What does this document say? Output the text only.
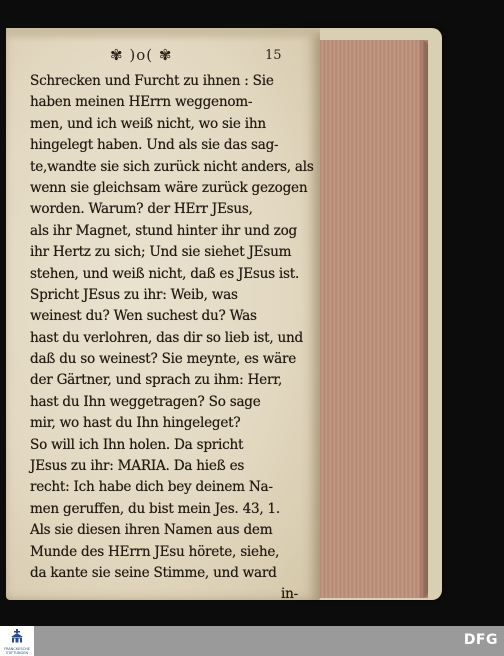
✾ )o( ✾	15
Schrecken und Furcht zu ihnen : Sie
haben meinen HErrn weggenom-
men, und ich weiß nicht, wo sie ihn
hingelegt haben. Und als sie das sag-
te,wandte sie sich zurück nicht anders, als
wenn sie gleichsam wäre zurück gezogen
worden. Warum? der HErr JEsus,
als ihr Magnet, stund hinter ihr und zog
ihr Hertz zu sich; Und sie siehet JEsum
stehen, und weiß nicht, daß es JEsus ist.
Spricht JEsus zu ihr: Weib, was
weinest du? Wen suchest du? Was
hast du verlohren, das dir so lieb ist, und
daß du so weinest? Sie meynte, es wäre
der Gärtner, und sprach zu ihm: Herr,
hast du Ihn weggetragen? So sage
mir, wo hast du Ihn hingeleget?
So will ich Ihn holen. Da spricht
JEsus zu ihr: MARIA. Da hieß es
recht: Ich habe dich bey deinem Na-
men geruffen, du bist mein Jes. 43, 1.
Als sie diesen ihren Namen aus dem
Munde des HErrn JEsu hörete, siehe,
da kante sie seine Stimme, und ward
in-
FRANCKESCHE STIFTUNGEN
DFG
